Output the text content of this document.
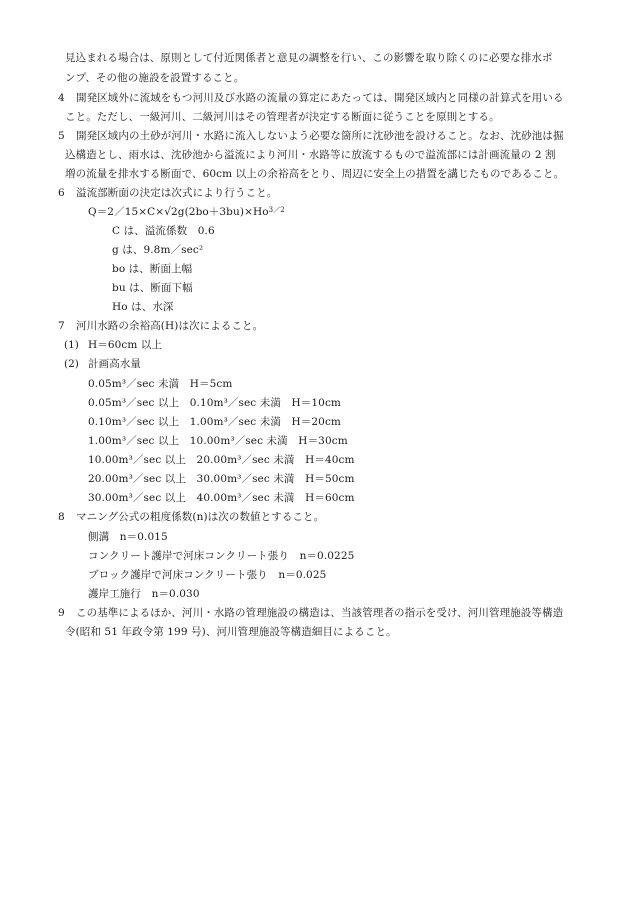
見込まれる場合は、原則として付近関係者と意見の調整を行い、この影響を取り除くのに必要な排水ポ
ンプ、その他の施設を設置すること。
4 開発区域外に流域をもつ河川及び水路の流量の算定にあたっては、開発区域内と同様の計算式を用いる
こと。ただし、一級河川、二級河川はその管理者が決定する断面に従うことを原則とする。
5 開発区域内の土砂が河川・水路に流入しないよう必要な箇所に沈砂池を設けること。なお、沈砂池は掘
込構造とし、雨水は、沈砂池から溢流により河川・水路等に放流するもので溢流部には計画流量の 2 割
増の流量を排水する断面で、60cm 以上の余裕高をとり、周辺に安全上の措置を講じたものであること。
6 溢流部断面の決定は次式により行うこと。
$Q=2/15\times C\times√2g(2bo+3bu)\times Ho^{3/2}$
C は、溢流係数　0.6
g は、9.8m／sec²
bo は、断面上幅
bu は、断面下幅
Ho は、水深
7 河川水路の余裕高(H)は次によること。
(1) H＝60cm 以上
(2) 計画高水量
0.05m³／sec 未満　H＝5cm
0.05m³／sec 以上　0.10m³／sec 未満　H＝10cm
0.10m³／sec 以上　1.00m³／sec 未満　H＝20cm
1.00m³／sec 以上　10.00m³／sec 未満　H＝30cm
10.00m³／sec 以上　20.00m³／sec 未満　H＝40cm
20.00m³／sec 以上　30.00m³／sec 未満　H＝50cm
30.00m³／sec 以上　40.00m³／sec 未満　H＝60cm
8 マニング公式の粗度係数(n)は次の数値とすること。
側溝　n＝0.015
コンクリート護岸で河床コンクリート張り　n＝0.0225
ブロック護岸で河床コンクリート張り　n＝0.025
護岸工施行　n＝0.030
9 この基準によるほか、河川・水路の管理施設の構造は、当該管理者の指示を受け、河川管理施設等構造
令(昭和 51 年政令第 199 号)、河川管理施設等構造細目によること。
